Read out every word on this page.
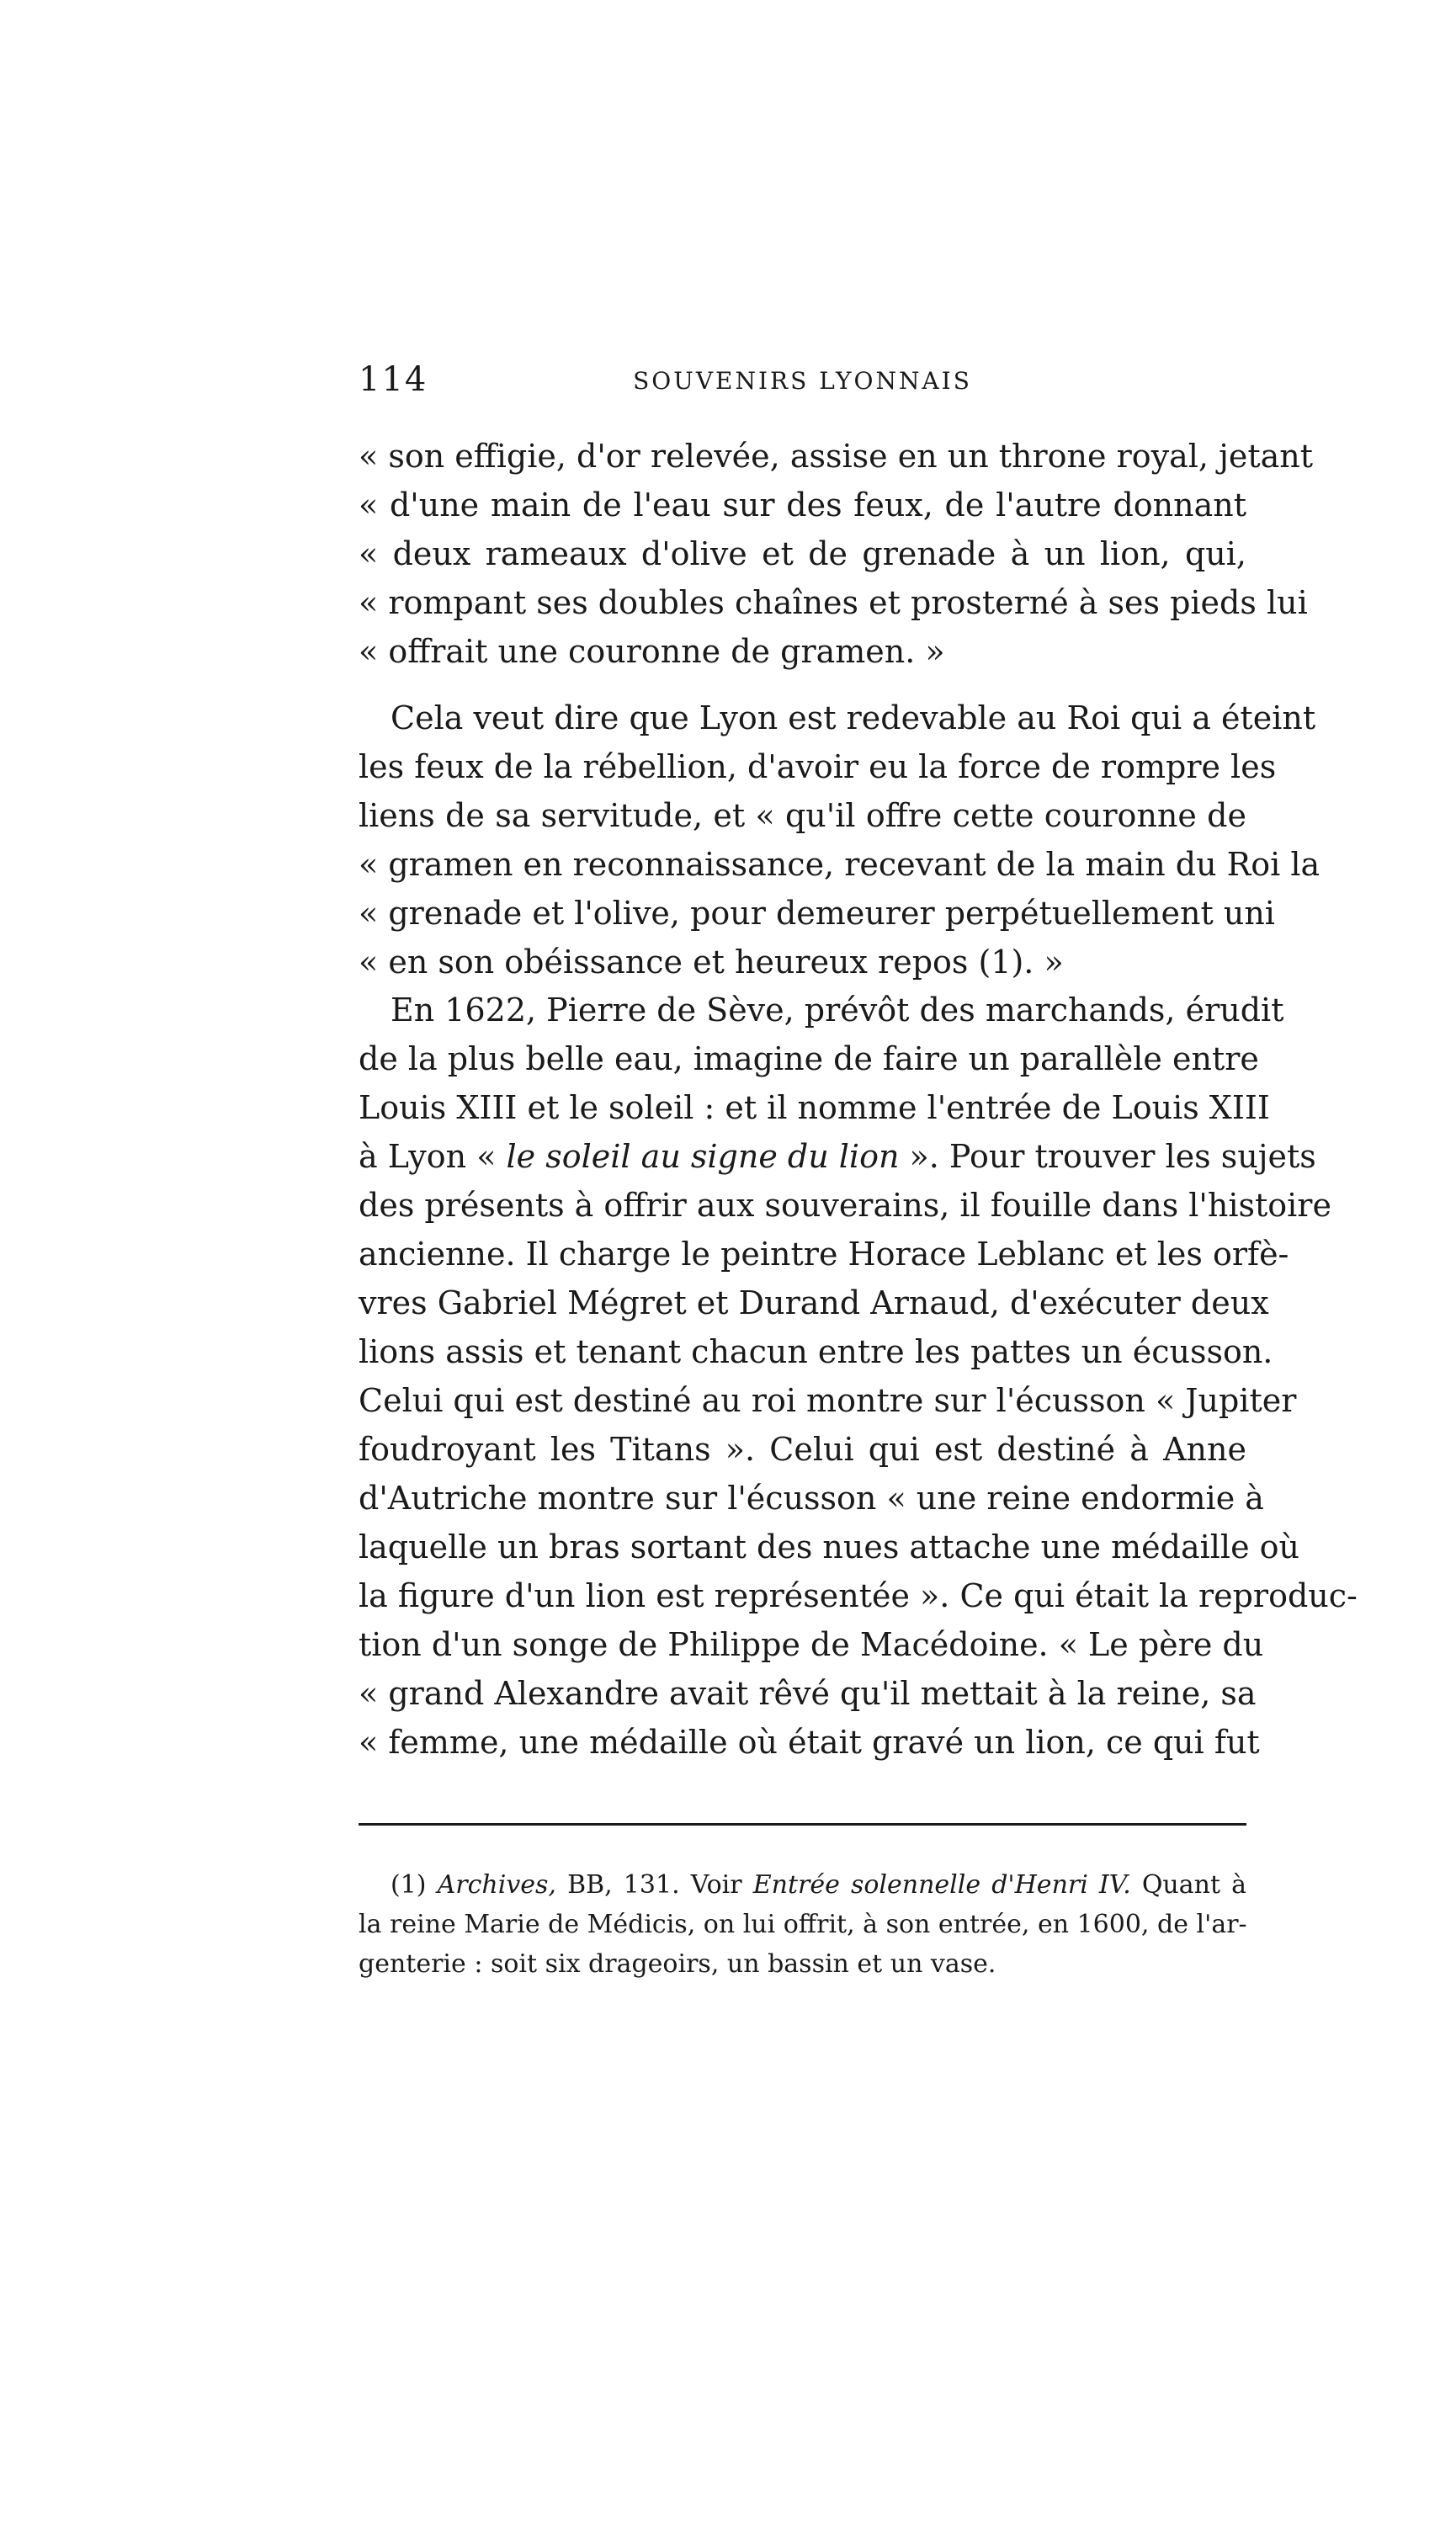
114	SOUVENIRS LYONNAIS
« son effigie, d'or relevée, assise en un throne royal, jetant
« d'une main de l'eau sur des feux, de l'autre donnant
« deux rameaux d'olive et de grenade à un lion, qui,
« rompant ses doubles chaînes et prosterné à ses pieds lui
« offrait une couronne de gramen. »
Cela veut dire que Lyon est redevable au Roi qui a éteint
les feux de la rébellion, d'avoir eu la force de rompre les
liens de sa servitude, et « qu'il offre cette couronne de
« gramen en reconnaissance, recevant de la main du Roi la
« grenade et l'olive, pour demeurer perpétuellement uni
« en son obéissance et heureux repos (1). »
En 1622, Pierre de Sève, prévôt des marchands, érudit
de la plus belle eau, imagine de faire un parallèle entre
Louis XIII et le soleil : et il nomme l'entrée de Louis XIII
à Lyon « le soleil au signe du lion ». Pour trouver les sujets
des présents à offrir aux souverains, il fouille dans l'histoire
ancienne. Il charge le peintre Horace Leblanc et les orfè-
vres Gabriel Mégret et Durand Arnaud, d'exécuter deux
lions assis et tenant chacun entre les pattes un écusson.
Celui qui est destiné au roi montre sur l'écusson « Jupiter
foudroyant les Titans ». Celui qui est destiné à Anne
d'Autriche montre sur l'écusson « une reine endormie à
laquelle un bras sortant des nues attache une médaille où
la figure d'un lion est représentée ». Ce qui était la reproduc-
tion d'un songe de Philippe de Macédoine. « Le père du
« grand Alexandre avait rêvé qu'il mettait à la reine, sa
« femme, une médaille où était gravé un lion, ce qui fut
(1) Archives, BB, 131. Voir Entrée solennelle d'Henri IV. Quant à
la reine Marie de Médicis, on lui offrit, à son entrée, en 1600, de l'ar-
genterie : soit six drageoirs, un bassin et un vase.
